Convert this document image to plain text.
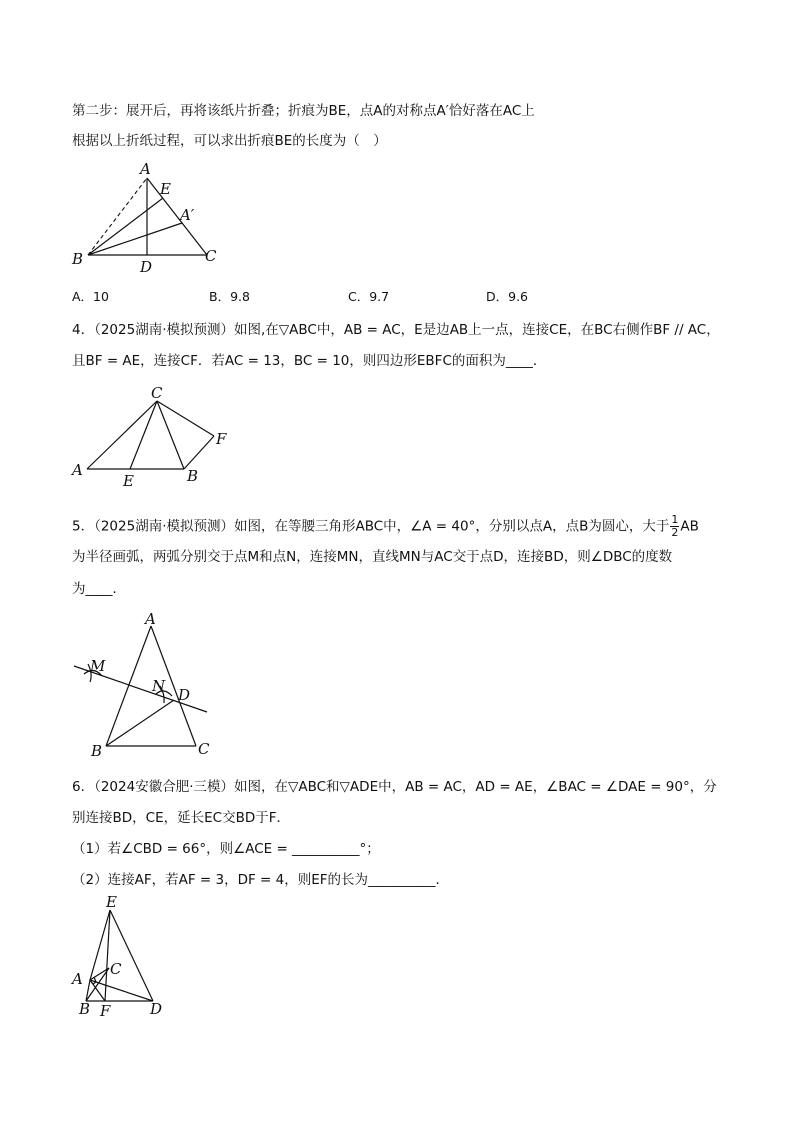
第二步：展开后，再将该纸片折叠；折痕为BE，点A的对称点A′恰好落在AC上
根据以上折纸过程，可以求出折痕BE的长度为（　）
A
E
A′
B	D
C
A．10	B．9.8	C．9.7	D．9.6
4．（2025湖南·模拟预测）如图,在▽ABC中，AB = AC，E是边AB上一点，连接CE，在BC右侧作BF // AC，
且BF = AE，连接CF．若AC = 13，BC = 10，则四边形EBFC的面积为____．
C
F
A
E	B
5．（2025湖南·模拟预测）如图，在等腰三角形ABC中，∠A = 40°，分别以点A，点B为圆心，大于 $\frac{1}{2}$ AB
为半径画弧，两弧分别交于点M和点N，连接MN，直线MN与AC交于点D，连接BD，则∠DBC的度数
为____．
M
A
N D
B	C
6．（2024安徽合肥·三模）如图，在▽ABC和▽ADE中，AB = AC，AD = AE，∠BAC = ∠DAE = 90°，分
别连接BD，CE，延长EC交BD于F．
（1）若∠CBD = 66°，则∠ACE = __________°；
（2）连接AF，若AF = 3，DF = 4，则EF的长为__________．
E
C
A
B F	D
